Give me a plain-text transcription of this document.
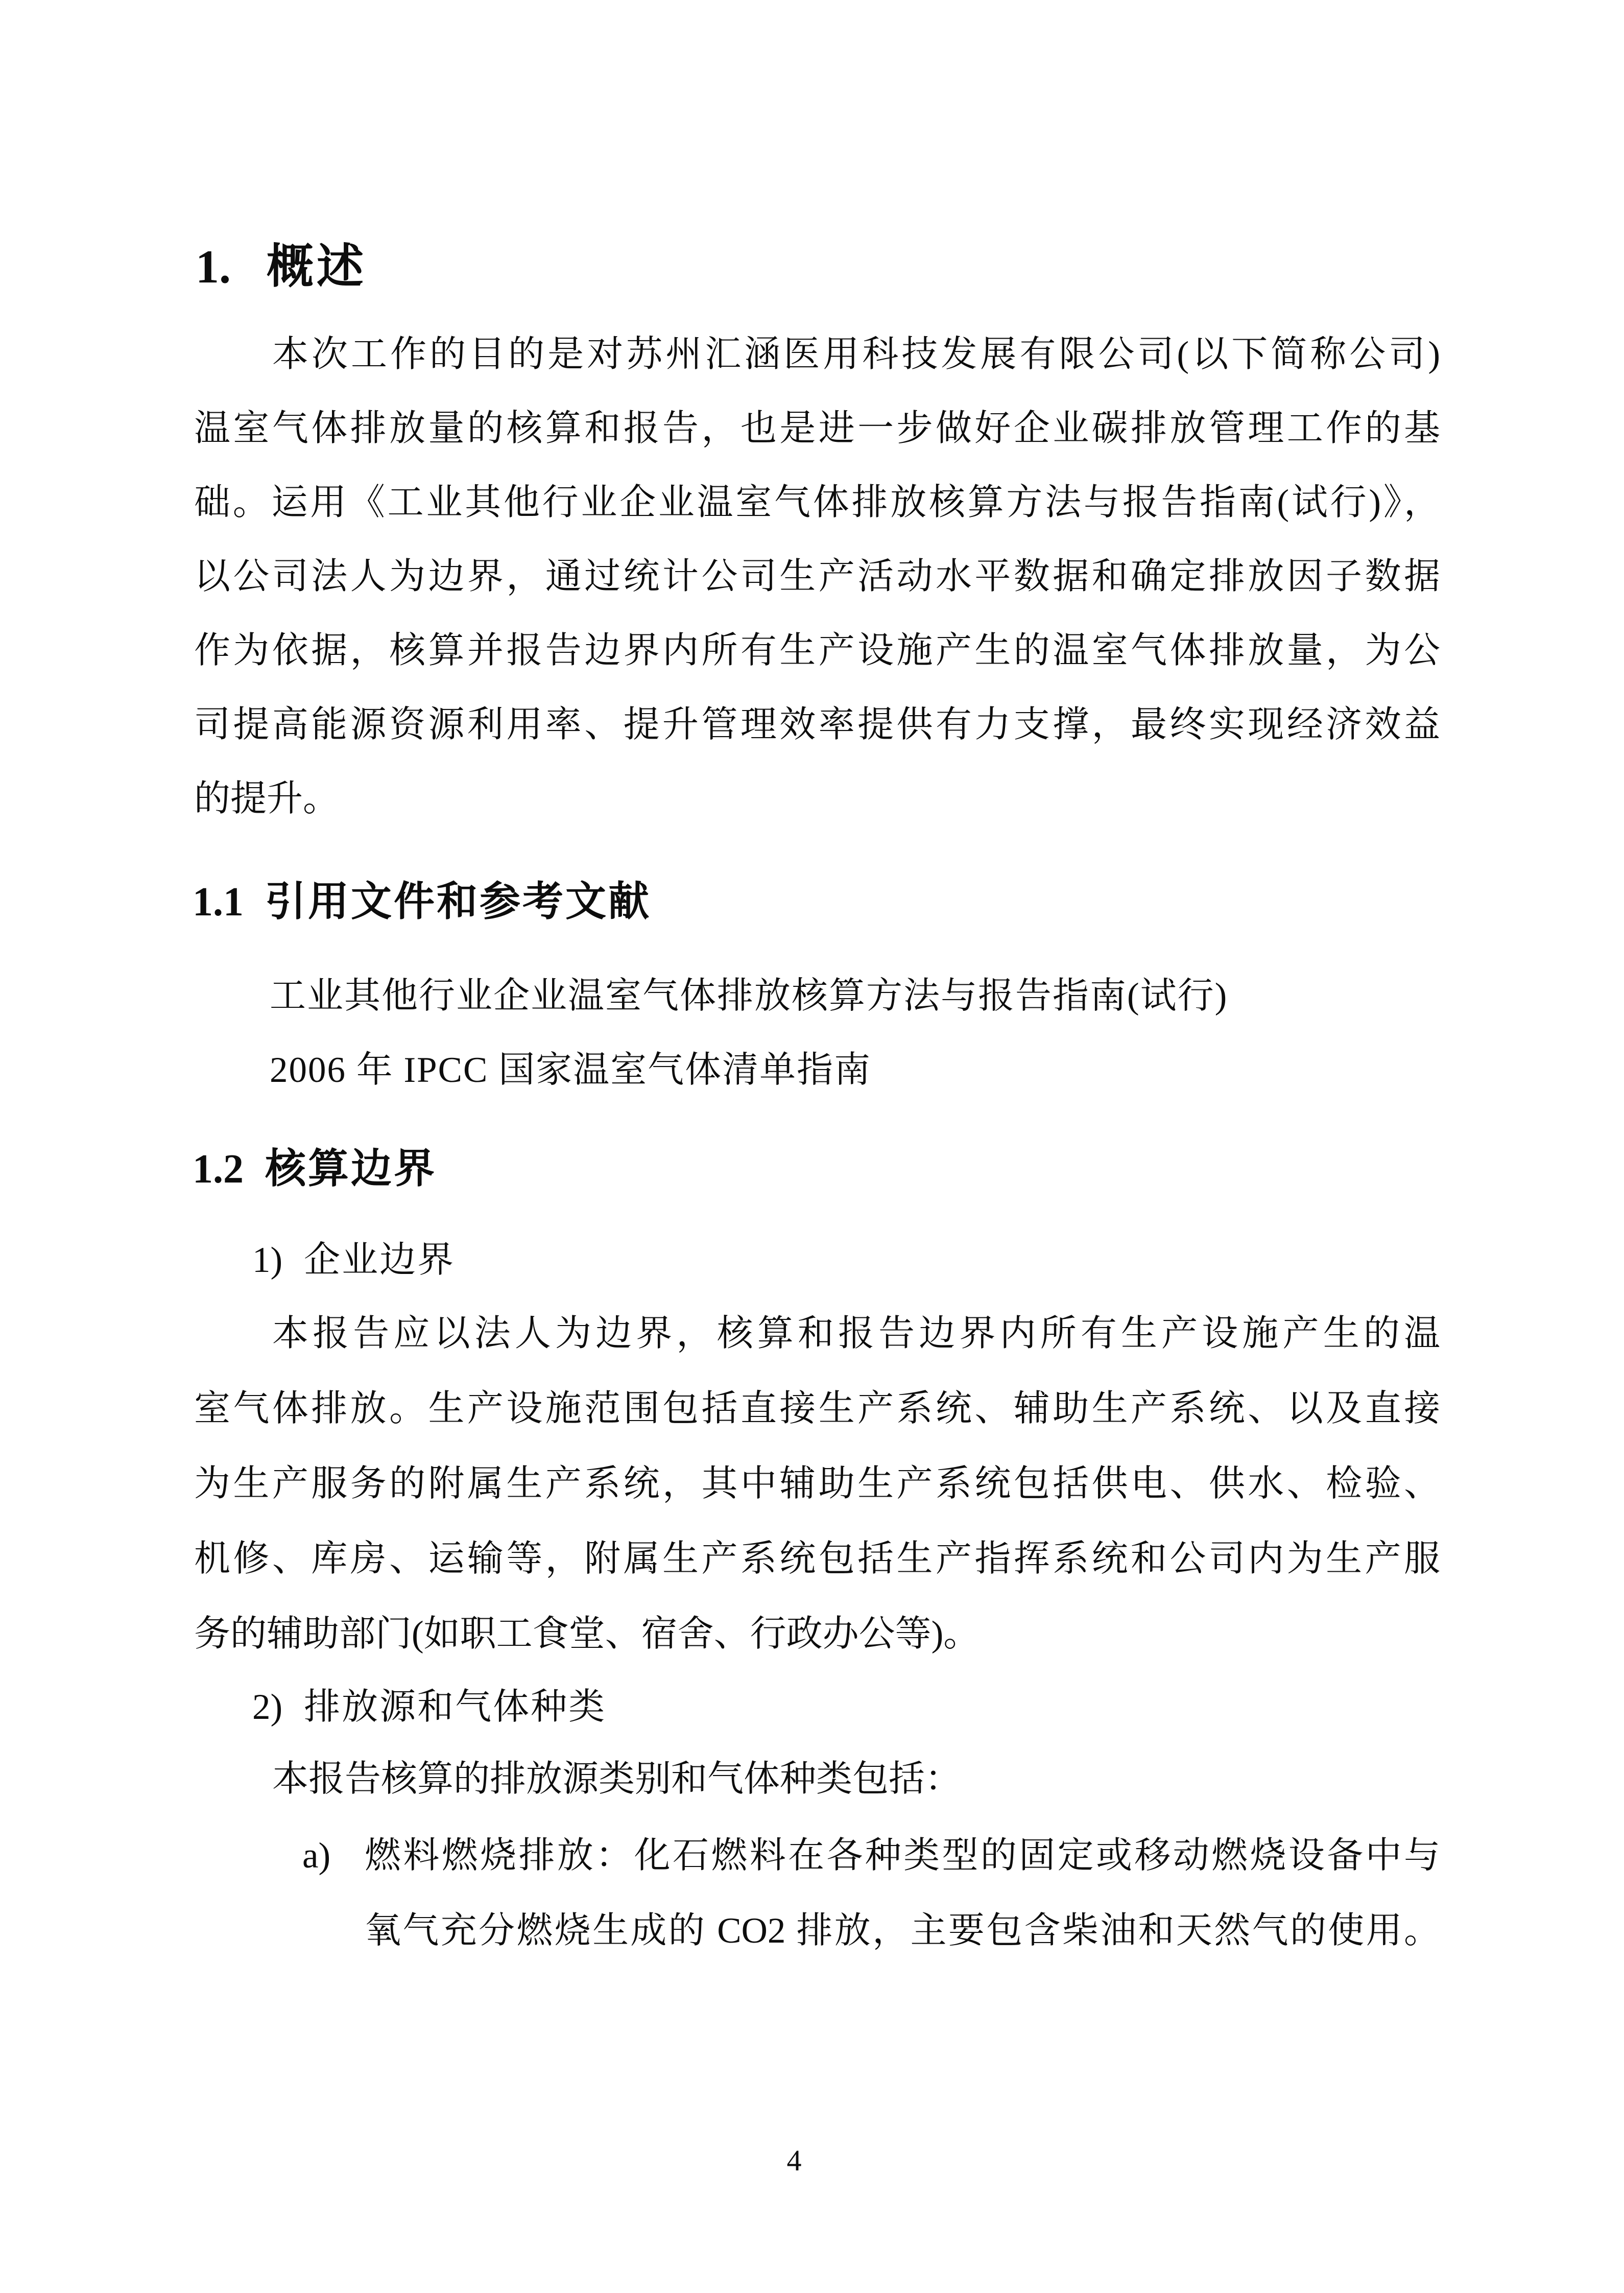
1. 概述
本次工作的目的是对苏州汇涵医用科技发展有限公司(以下简称公司)
温室气体排放量的核算和报告，也是进一步做好企业碳排放管理工作的基
础。运用《工业其他行业企业温室气体排放核算方法与报告指南(试行)》，
以公司法人为边界，通过统计公司生产活动水平数据和确定排放因子数据
作为依据，核算并报告边界内所有生产设施产生的温室气体排放量，为公
司提高能源资源利用率、提升管理效率提供有力支撑，最终实现经济效益
的提升。
1.1 引用文件和参考文献
工业其他行业企业温室气体排放核算方法与报告指南(试行)
2006 年 IPCC 国家温室气体清单指南
1.2 核算边界
1) 企业边界
本报告应以法人为边界，核算和报告边界内所有生产设施产生的温
室气体排放。生产设施范围包括直接生产系统、辅助生产系统、以及直接
为生产服务的附属生产系统，其中辅助生产系统包括供电、供水、检验、
机修、库房、运输等，附属生产系统包括生产指挥系统和公司内为生产服
务的辅助部门(如职工食堂、宿舍、行政办公等)。
2) 排放源和气体种类
本报告核算的排放源类别和气体种类包括：
a) 燃料燃烧排放：化石燃料在各种类型的固定或移动燃烧设备中与
氧气充分燃烧生成的 CO2 排放，主要包含柴油和天然气的使用。
4
